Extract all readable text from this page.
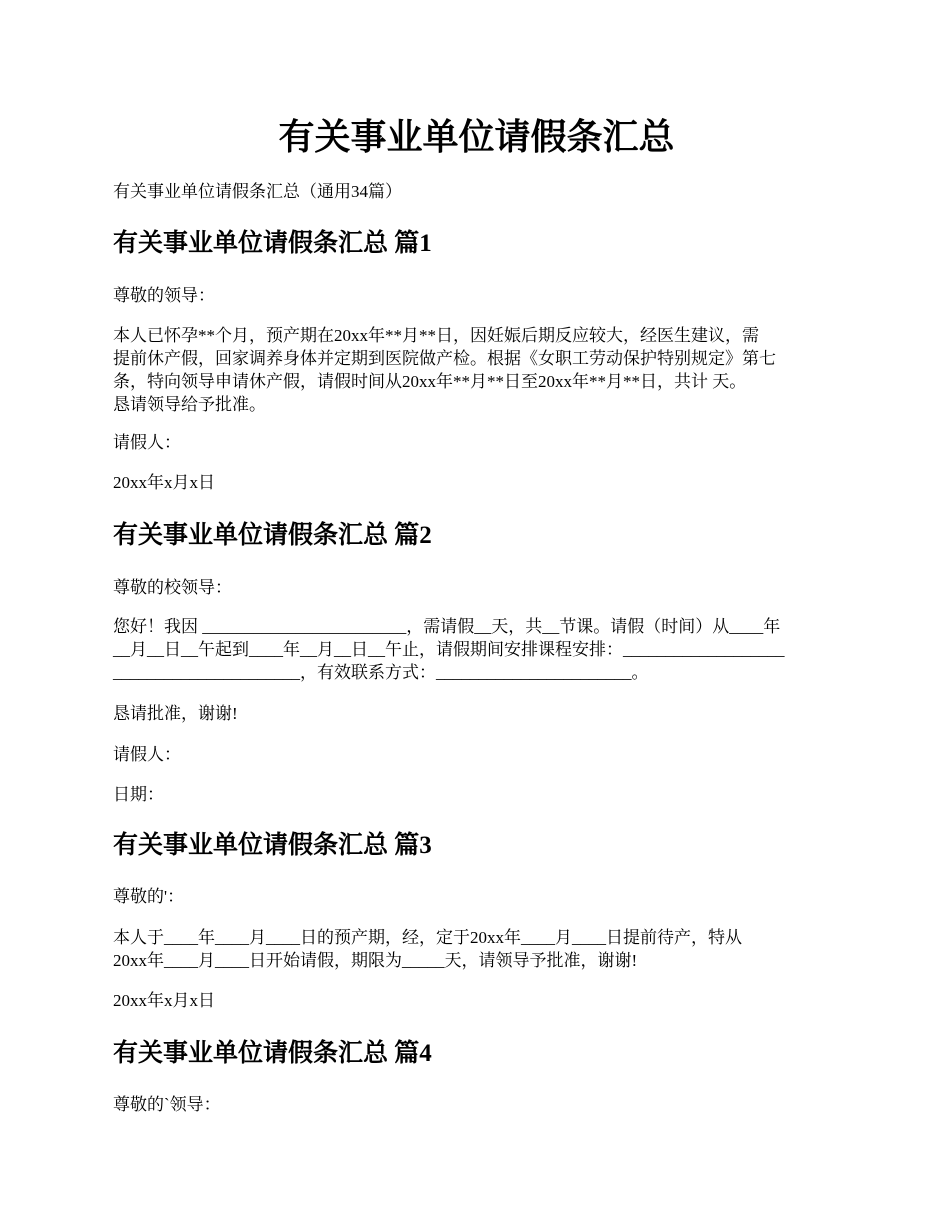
有关事业单位请假条汇总

有关事业单位请假条汇总（通用34篇）

有关事业单位请假条汇总 篇1

尊敬的领导：

本人已怀孕**个月，预产期在20xx年**月**日，因妊娠后期反应较大，经医生建议，需
提前休产假，回家调养身体并定期到医院做产检。根据《女职工劳动保护特别规定》第七
条，特向领导申请休产假，请假时间从20xx年**月**日至20xx年**月**日，共计 天。
恳请领导给予批准。

请假人：

20xx年x月x日

有关事业单位请假条汇总 篇2

尊敬的校领导：

您好！我因 ________________________，需请假__天，共__节课。请假（时间）从____年
__月__日__午起到____年__月__日__午止，请假期间安排课程安排：___________________
______________________，有效联系方式：_______________________。

恳请批准，谢谢!

请假人：

日期：

有关事业单位请假条汇总 篇3

尊敬的'：

本人于____年____月____日的预产期，经，定于20xx年____月____日提前待产，特从
20xx年____月____日开始请假，期限为_____天，请领导予批准，谢谢!

20xx年x月x日

有关事业单位请假条汇总 篇4

尊敬的`领导：
